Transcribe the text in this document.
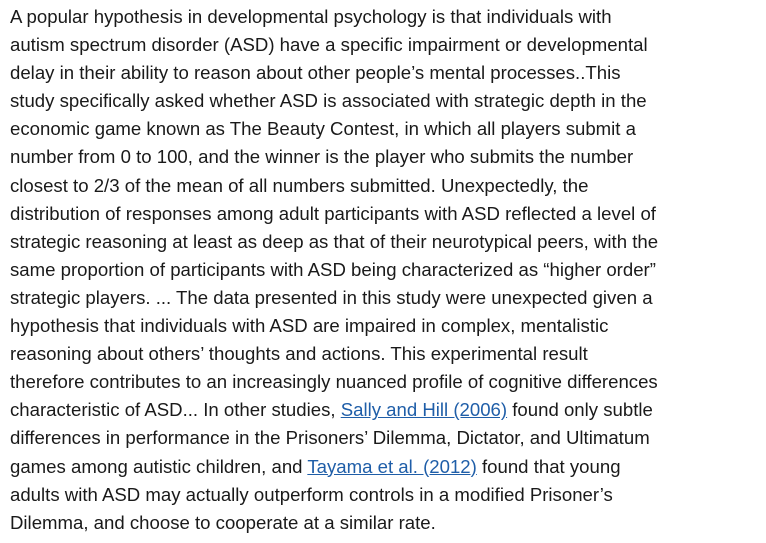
A popular hypothesis in developmental psychology is that individuals with
autism spectrum disorder (ASD) have a specific impairment or developmental
delay in their ability to reason about other people’s mental processes..This
study specifically asked whether ASD is associated with strategic depth in the
economic game known as The Beauty Contest, in which all players submit a
number from 0 to 100, and the winner is the player who submits the number
closest to 2/3 of the mean of all numbers submitted. Unexpectedly, the
distribution of responses among adult participants with ASD reflected a level of
strategic reasoning at least as deep as that of their neurotypical peers, with the
same proportion of participants with ASD being characterized as “higher order”
strategic players. ... The data presented in this study were unexpected given a
hypothesis that individuals with ASD are impaired in complex, mentalistic
reasoning about others’ thoughts and actions. This experimental result
therefore contributes to an increasingly nuanced profile of cognitive differences
characteristic of ASD... In other studies, Sally and Hill (2006) found only subtle
differences in performance in the Prisoners’ Dilemma, Dictator, and Ultimatum
games among autistic children, and Tayama et al. (2012) found that young
adults with ASD may actually outperform controls in a modified Prisoner’s
Dilemma, and choose to cooperate at a similar rate.
